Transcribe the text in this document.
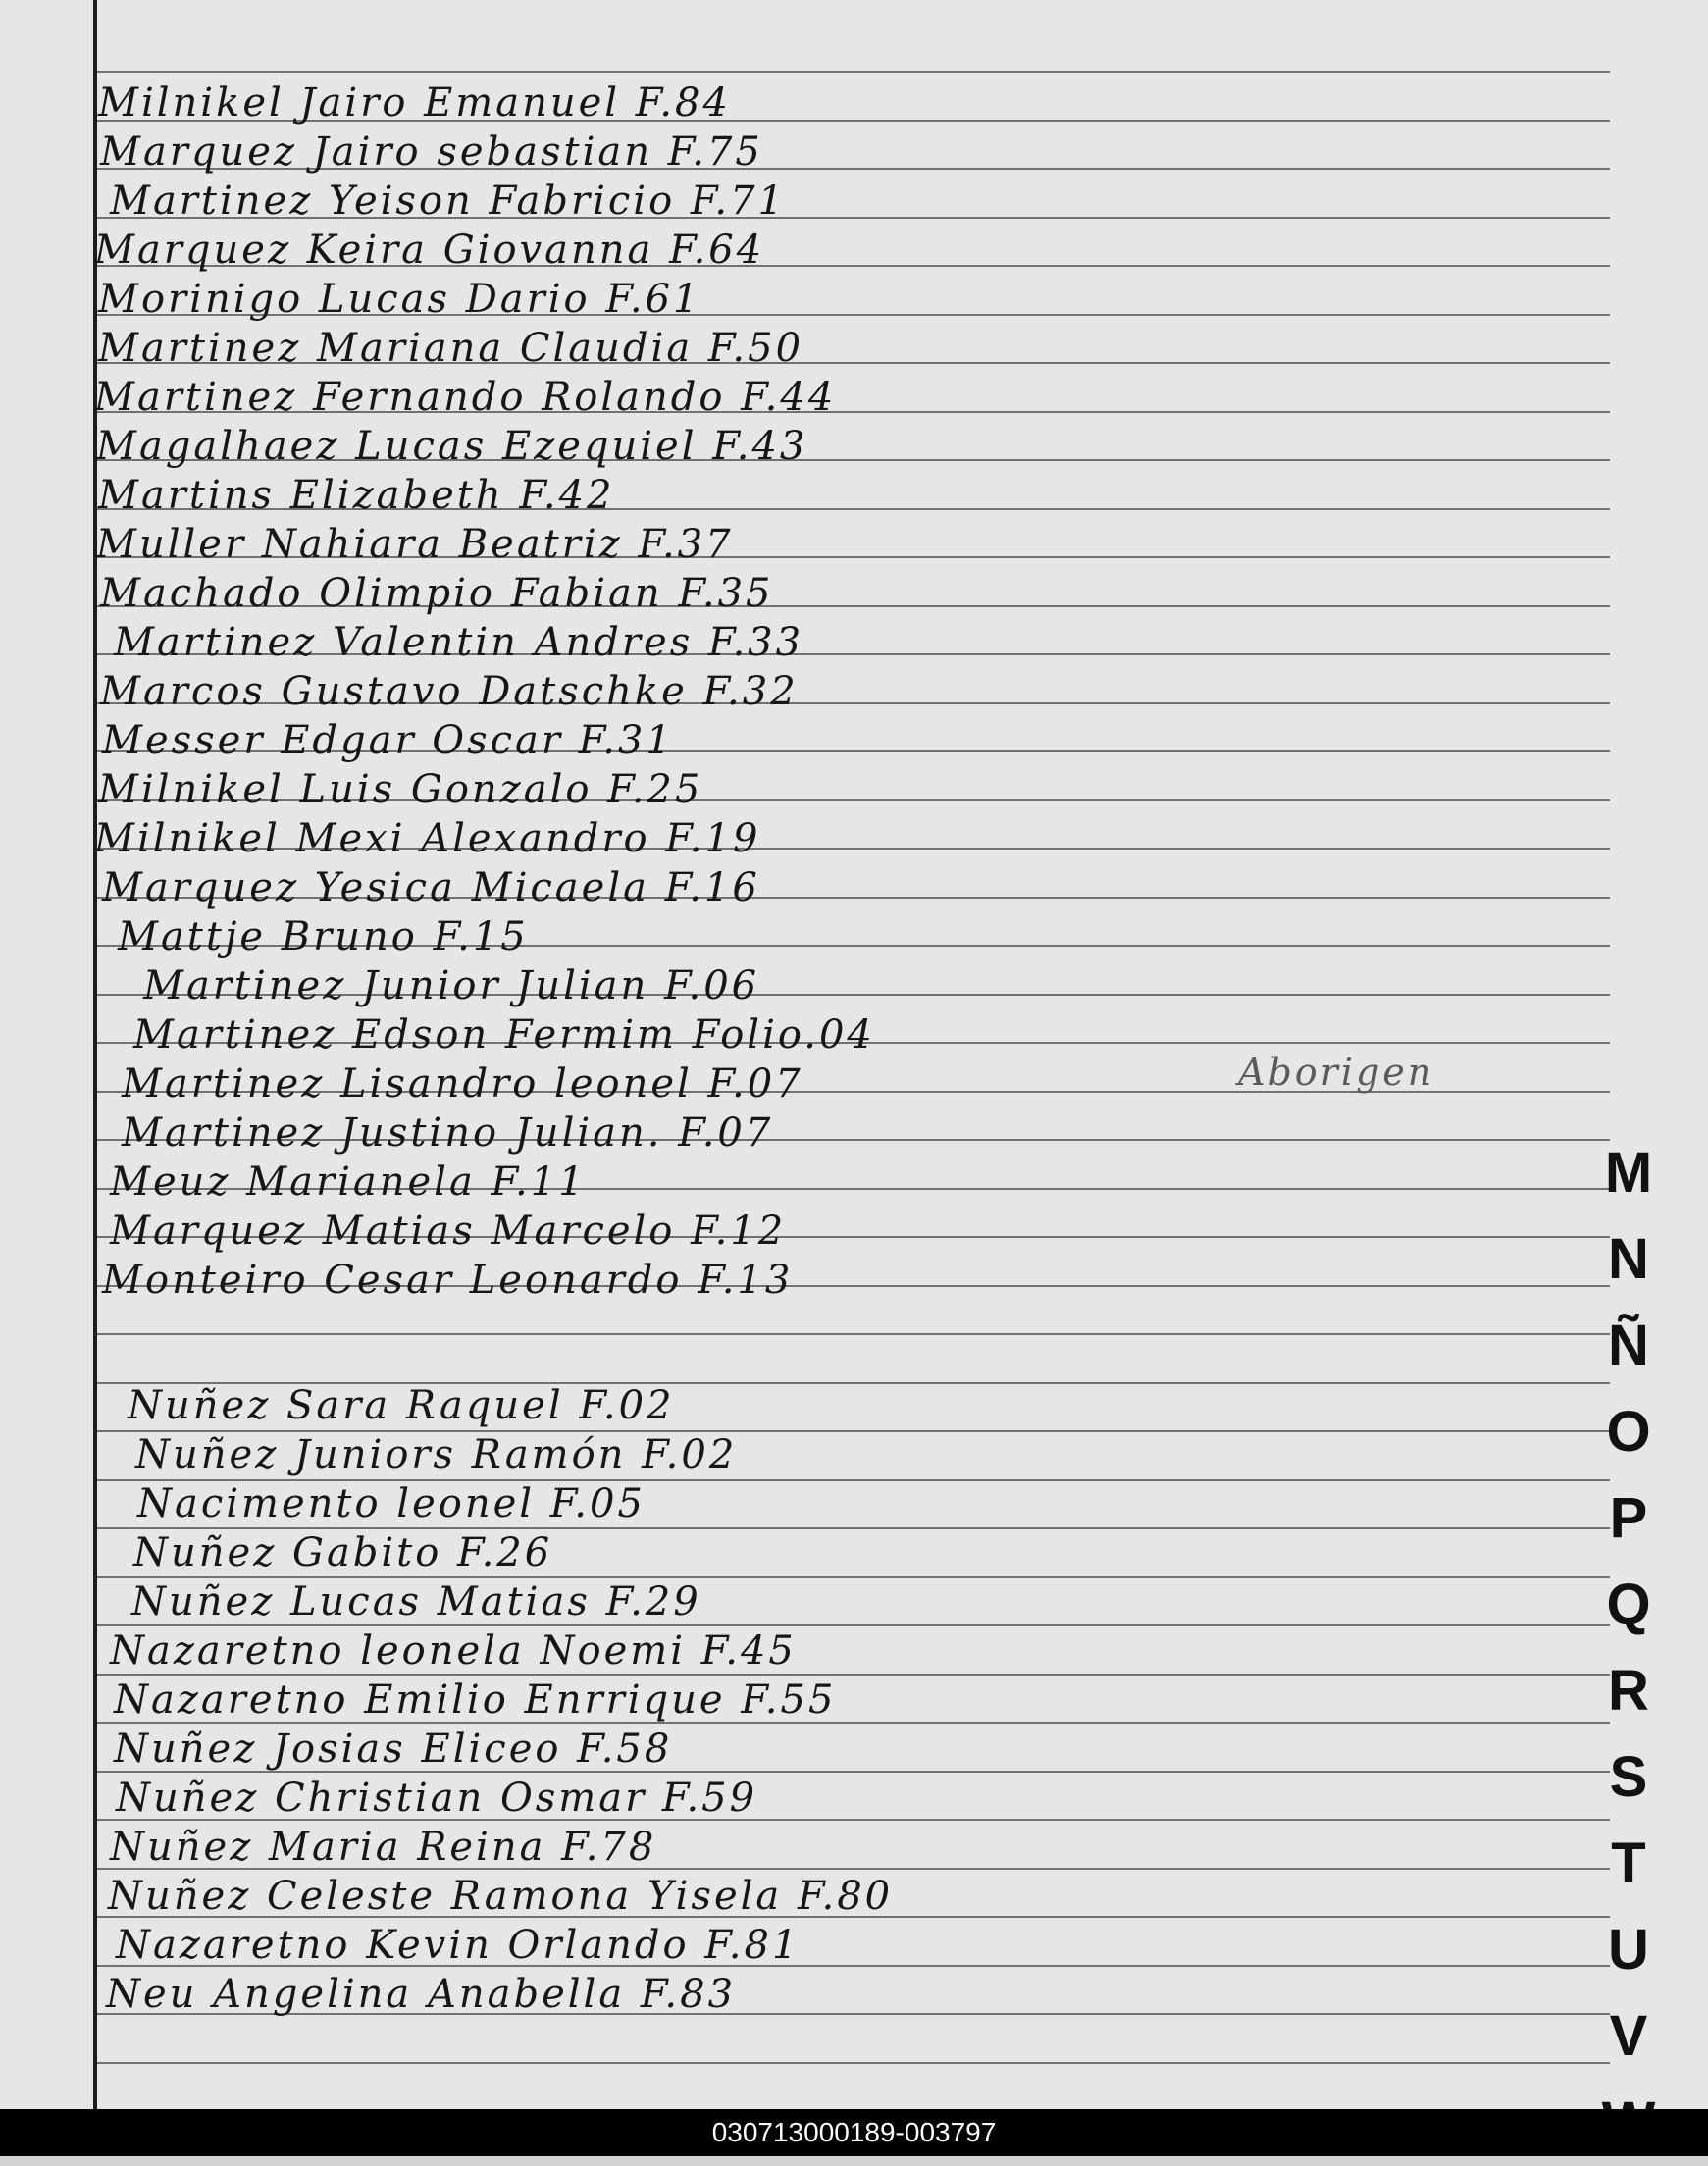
Milnikel Jairo Emanuel F.84
Marquez Jairo sebastian F.75
Martinez Yeison Fabricio F.71
Marquez Keira Giovanna F.64
Morinigo Lucas Dario F.61
Martinez Mariana Claudia F.50
Martinez Fernando Rolando F.44
Magalhaez Lucas Ezequiel F.43
Martins Elizabeth F.42
Muller Nahiara Beatriz F.37
Machado Olimpio Fabian F.35
Martinez Valentin Andres F.33
Marcos Gustavo Datschke F.32
Messer Edgar Oscar F.31
Milnikel Luis Gonzalo F.25
Milnikel Mexi Alexandro F.19
Marquez Yesica Micaela F.16
Mattje Bruno F.15
Martinez Junior Julian F.06
Martinez Edson Fermim Folio.04
Martinez Lisandro leonel F.07
Martinez Justino Julian. F.07
Meuz Marianela F.11
Marquez Matias Marcelo F.12
Monteiro Cesar Leonardo F.13
Nuñez Sara Raquel F.02
Nuñez Juniors Ramón F.02
Nacimento leonel F.05
Nuñez Gabito F.26
Nuñez Lucas Matias F.29
Nazaretno leonela Noemi F.45
Nazaretno Emilio Enrrique F.55
Nuñez Josias Eliceo F.58
Nuñez Christian Osmar F.59
Nuñez Maria Reina F.78
Nuñez Celeste Ramona Yisela F.80
Nazaretno Kevin Orlando F.81
Neu Angelina Anabella F.83
Aborigen
M
N
Ñ
O
P
Q
R
S
T
U
V
030713000189-003797
